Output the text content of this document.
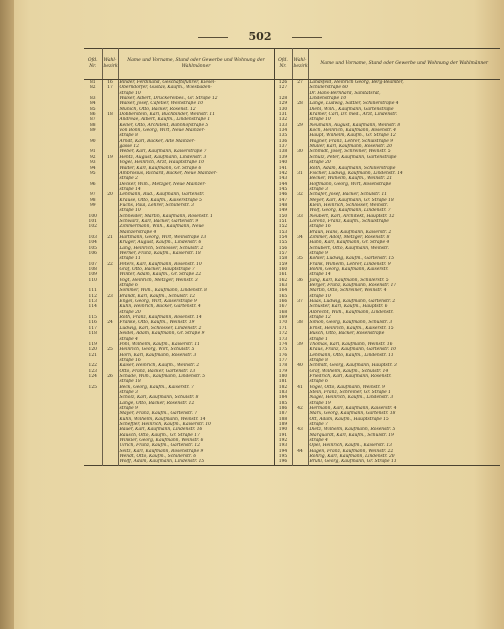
502
Ofd. Nr.	Wahl-bezirk	Name und Vorname, Stand oder Gewerbe und Wohnung der Wahlmänner	Ofd. Nr.	Wahl-bezirk	Name und Vorname, Stand oder Gewerbe und Wohnung der Wahlmänner
81	16	Binder, Ferdinand, Geschäftsführer, Kiesel-	126	27	Landsfeld, Heinrich Georg, Berg-Beamter,
82	17	Oberndörfer, Gustav, Kaufm., Wiesbaden-	127		Schillerstraße 60
		straße 10			Dr. Hans-Bernhard, Sanitätsrat,
83		Walser, Albert, Druckereibes., Gr. Straße 12	128		Lindenstraße 10
84		Walser, Josef, Cafétier, Weinstraße 10	129	28	Lange, Ludwig, Sattler, Schillerstraße 4
85		Munich, Otto, Bäcker, Rosenst. 12	130		Diehl, Wilh., Kaufmann, Gartenstraße
86	18	Dobberstein, Karl, Buchbinder, Weinstr. 11	131		Kramer, Carl, Dr. med., Arzt, Lindenstr.
87		Andreae, Albert, Kaufm., Lindenstraße 1	132		straße 10
88		Keller, Otto, Architekt, Bahnhofstraße 5	133	29	Neumann, August, Kaufmann, Weinstr. 8
89		von Bonn, Georg, Wirt, Neue Mainzer-	134		Koch, Heinrich, Kaufmann, Rosenstr. 4
		straße 8	135		Haupt, Wilhelm, Kaufm., Gr. Straße 12
90		Arndt, Karl, Bäcker, Alte Mainzer-	136		Wagner, Franz, Lehrer, Schulstraße 9
		gasse 12	137		Müller, Karl, Kaufmann, Rosenstr. 20
91		Weber, Karl, Kaufmann, Kaiserstraße 7	138	30	Schmidt, Josef, Schreiner, Weinstr. 5
92	19	Hentz, August, Kaufmann, Lindenstr. 3	139		Schulz, Peter, Kaufmann, Gartenstraße
93		Vogel, Heinrich, Arzt, Hauptstraße 10	140		straße 20
94		Walter, Karl, Kaufmann, Gr. Straße 6	141		Roth, Adam, Kaufmann, Schillerstraße
95		Ambrosius, Richard, Bäcker, Neue Mainzer-	142	31	Fischer, Ludwig, Kaufmann, Lindenstr. 14
		straße 2	143		Becker, Wilhelm, Kaufm., Weinstr. 21
96		Decker, Wilh., Metzger, Neue Mainzer-	144		Hoffmann, Georg, Wirt, Rosenstraße
		straße 14	145		straße 3
97	20	Lehmann, Rud., Kaufmann, Gartenstr.	146	32	Schäfer, Josef, Bäcker, Schulstr. 11
98		Krause, Otto, Kaufm., Kaiserstraße 5	147		Meyer, Karl, Kaufmann, Gr. Straße 18
99		Fuchs, Paul, Lehrer, Schillerstr. 3	148		Klein, Heinrich, Schlosser, Weinstr.
		straße 10	149		Wolf, Georg, Kaufmann, Lindenstr. 7
100		Schneider, Martin, Kaufmann, Rosenstr. 1	150	33	Neubert, Karl, Architekt, Hauptstr. 12
101		Schwarz, Karl, Bäcker, Gartenstr. 9	151		Lorenz, Franz, Kaufm., Schulstraße
102		Zimmermann, Wilh., Kaufmann, Neue	152		straße 16
		Mainzerstraße 4	153		Braun, Hans, Kaufmann, Kaiserstr. 2
103	21	Hartmann, Georg, Wirt, Weinstraße 13	154	34	Zimmer, Adolf, Metzger, Rosenstr. 8
104		Krüger, August, Kaufm., Lindenstr. 6	155		Hahn, Karl, Kaufmann, Gr. Straße 4
105		Lang, Heinrich, Schlosser, Schulstr. 2	156		Schubert, Otto, Kaufmann, Weinstr.
106		Werner, Franz, Kaufm., Kaiserstr. 18	157		straße 9
		straße 11	158	35	Köhler, Ludwig, Kaufm., Gartenstr. 15
107	22	Peters, Karl, Kaufmann, Rosenstr. 10	159		Frank, Wilhelm, Lehrer, Lindenstr. 9
108		Graf, Otto, Bäcker, Hauptstraße 7	160		Böhm, Georg, Kaufmann, Kaiserstr.
109		Winter, Adam, Kaufm., Gr. Straße 22	161		straße 14
110		Vogt, Heinrich, Metzger, Weinstr. 3	162	36	Jung, Karl, Kaufmann, Schillerstr. 5
		straße 6	163		Berger, Franz, Kaufmann, Rosenstr. 17
111		Sommer, Wilh., Kaufmann, Lindenstr. 8	164		Martin, Otto, Schreiner, Weinstr. 4
112	23	Brandt, Karl, Kaufm., Schulstr. 12	165		straße 10
113		Engel, Georg, Wirt, Kaiserstraße 9	166	37	Haas, Ludwig, Kaufmann, Gartenstr. 2
114		Kuhn, Heinrich, Bäcker, Gartenstr. 4	167		Schuster, Karl, Kaufm., Hauptstr. 6
		straße 20	168		Albrecht, Wilh., Kaufmann, Lindenstr.
115		Roth, Franz, Kaufmann, Rosenstr. 14	169		straße 12
116	24	Franke, Otto, Kaufm., Weinstr. 19	170	38	Simon, Georg, Kaufmann, Schulstr. 3
117		Ludwig, Karl, Schlosser, Lindenstr. 2	171		Ernst, Heinrich, Kaufm., Kaiserstr. 15
118		Seidel, Adam, Kaufmann, Gr. Straße 9	172		Busch, Otto, Bäcker, Rosenstraße
		straße 4	173		straße 1
119		Pohl, Wilhelm, Kaufm., Kaiserstr. 11	174	39	Thomas, Karl, Kaufmann, Weinstr. 16
120	25	Heinrich, Georg, Wirt, Schulstr. 5	175		Kraus, Franz, Kaufmann, Gartenstr. 10
121		Horn, Karl, Kaufmann, Rosenstr. 3	176		Lehmann, Otto, Kaufm., Lindenstr. 11
		straße 16	177		straße 8
122		Kaiser, Heinrich, Kaufm., Weinstr. 2	178	40	Schmitt, Georg, Kaufmann, Hauptstr. 3
123		Otto, Franz, Bäcker, Gartenstr. 13	179		Graf, Wilhelm, Kaufm., Schulstr. 14
124	26	Schade, Wilh., Kaufmann, Lindenstr. 5	180		Friedrich, Karl, Kaufmann, Rosenstr.
		straße 18	181		straße 6
125		Beck, Georg, Kaufm., Kaiserstr. 7	182	41	Vogel, Otto, Kaufmann, Weinstr. 9
		straße 3	183		Stein, Franz, Schreiner, Gr. Straße 1
		Scholz, Karl, Kaufmann, Schulstr. 8	184		Nagel, Heinrich, Kaufm., Lindenstr. 3
		Lange, Otto, Bäcker, Rosenstr. 12	185		straße 19
		straße 9	186	42	Hermann, Karl, Kaufmann, Kaiserstr. 4
		Mayer, Franz, Kaufm., Gartenstr. 7	187		Marx, Georg, Kaufmann, Gartenstr. 18
		Kühn, Wilhelm, Kaufmann, Weinstr. 14	188		Ott, Adam, Kaufm., Hauptstraße 15
		Scheffler, Heinrich, Kaufm., Kaiserstr. 10	189		straße 7
		Bauer, Karl, Kaufmann, Lindenstr. 16	190	43	Dietz, Wilhelm, Kaufmann, Rosenstr. 5
		Rausch, Otto, Kaufm., Gr. Straße 17	191		Marquardt, Karl, Kaufm., Schulstr. 19
		Winkler, Georg, Kaufmann, Weinstr. 6	192		straße 4
		Ulrich, Franz, Kaufm., Gartenstr. 12	193		Opel, Heinrich, Kaufm., Kaiserstr. 13
		Seitz, Karl, Kaufmann, Rosenstraße 9	194	44	Hagen, Franz, Kaufmann, Weinstr. 22
		Wendt, Otto, Kaufm., Schillerstr. 6	195		Röhrig, Karl, Kaufmann, Lindenstr. 20
		Wolff, Adam, Kaufmann, Lindenstr. 15	196		Brühl, Georg, Kaufmann, Gr. Straße 11
